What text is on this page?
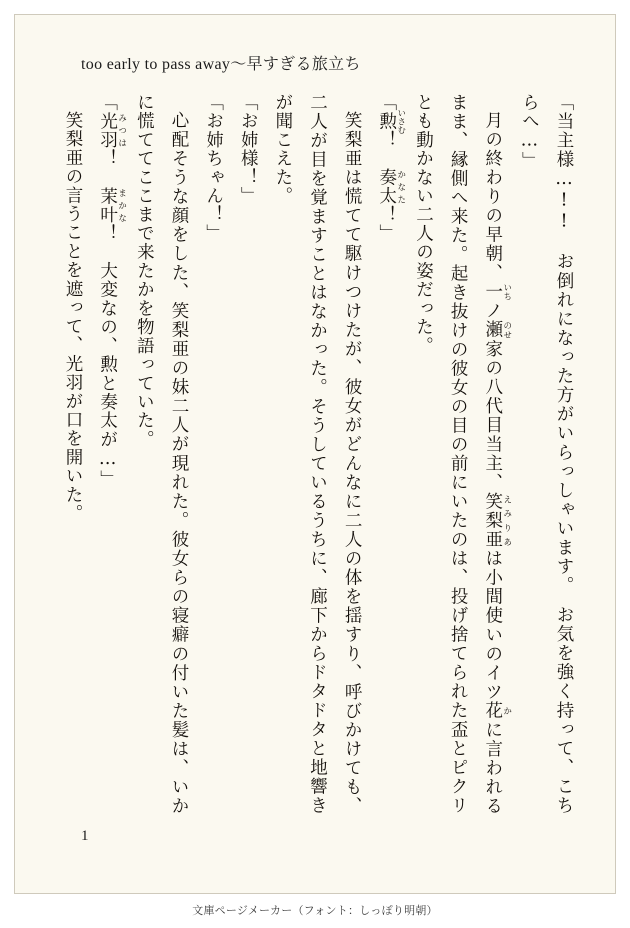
too early to pass away〜早すぎる旅立ち

「当主様…!!　お倒れになった方がいらっしゃいます。　お気を強く持って、こちらへ…」

月の終わりの早朝、一 いちノ瀬 のせ家の八代目当主、笑梨亜 えみりあは小間使いのイツ花 かに言われるまま、縁側へ来た。起き抜けの彼女の目の前にいたのは、投げ捨てられた盃とピクリとも動かない二人の姿だった。

「勲 いさむ！　奏太 かなた！」

笑梨亜は慌てて駆けつけたが、彼女がどんなに二人の体を揺すり、呼びかけても、二人が目を覚ますことはなかった。そうしているうちに、廊下からドタドタと地響きが聞こえた。

「お姉様！」

「お姉ちゃん！」

心配そうな顔をした、笑梨亜の妹二人が現れた。彼女らの寝癖の付いた髪は、いかに慌ててここまで来たかを物語っていた。

「光羽 みつは！　茉叶 まかな！　大変なの、勲と奏太が…」

笑梨亜の言うことを遮って、光羽が口を開いた。

1
文庫ページメーカー（フォント：しっぽり明朝）
